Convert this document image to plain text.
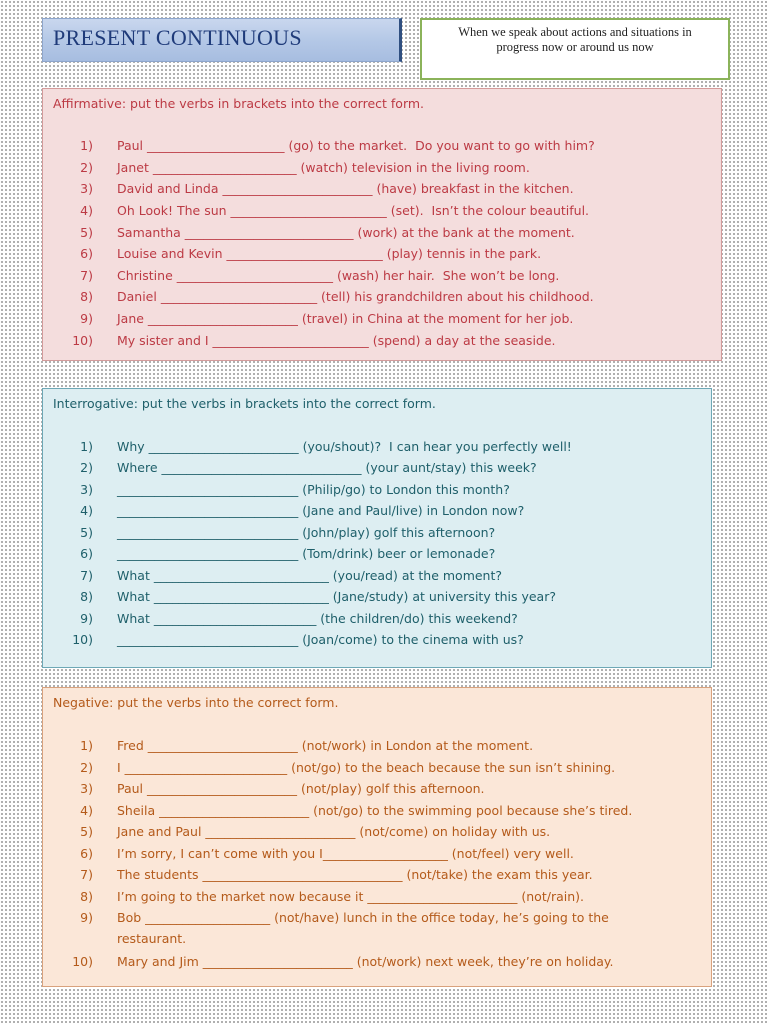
PRESENT CONTINUOUS	When we speak about actions and situations in progress now or around us now
Affirmative: put the verbs in brackets into the correct form.
1) Paul ______________________ (go) to the market.  Do you want to go with him?
2) Janet _______________________ (watch) television in the living room.
3) David and Linda ________________________ (have) breakfast in the kitchen.
4) Oh Look! The sun _________________________ (set).  Isn’t the colour beautiful.
5) Samantha ___________________________ (work) at the bank at the moment.
6) Louise and Kevin _________________________ (play) tennis in the park.
7) Christine _________________________ (wash) her hair.  She won’t be long.
8) Daniel _________________________ (tell) his grandchildren about his childhood.
9) Jane ________________________ (travel) in China at the moment for her job.
10) My sister and I _________________________ (spend) a day at the seaside.
Interrogative: put the verbs in brackets into the correct form.
1) Why ________________________ (you/shout)?  I can hear you perfectly well!
2) Where ________________________________ (your aunt/stay) this week?
3) _____________________________ (Philip/go) to London this month?
4) _____________________________ (Jane and Paul/live) in London now?
5) _____________________________ (John/play) golf this afternoon?
6) _____________________________ (Tom/drink) beer or lemonade?
7) What ____________________________ (you/read) at the moment?
8) What ____________________________ (Jane/study) at university this year?
9) What __________________________ (the children/do) this weekend?
10) _____________________________ (Joan/come) to the cinema with us?
Negative: put the verbs into the correct form.
1) Fred ________________________ (not/work) in London at the moment.
2) I __________________________ (not/go) to the beach because the sun isn’t shining.
3) Paul ________________________ (not/play) golf this afternoon.
4) Sheila ________________________ (not/go) to the swimming pool because she’s tired.
5) Jane and Paul ________________________ (not/come) on holiday with us.
6) I’m sorry, I can’t come with you I____________________ (not/feel) very well.
7) The students ________________________________ (not/take) the exam this year.
8) I’m going to the market now because it ________________________ (not/rain).
9) Bob ____________________ (not/have) lunch in the office today, he’s going to the
restaurant.
10) Mary and Jim ________________________ (not/work) next week, they’re on holiday.
